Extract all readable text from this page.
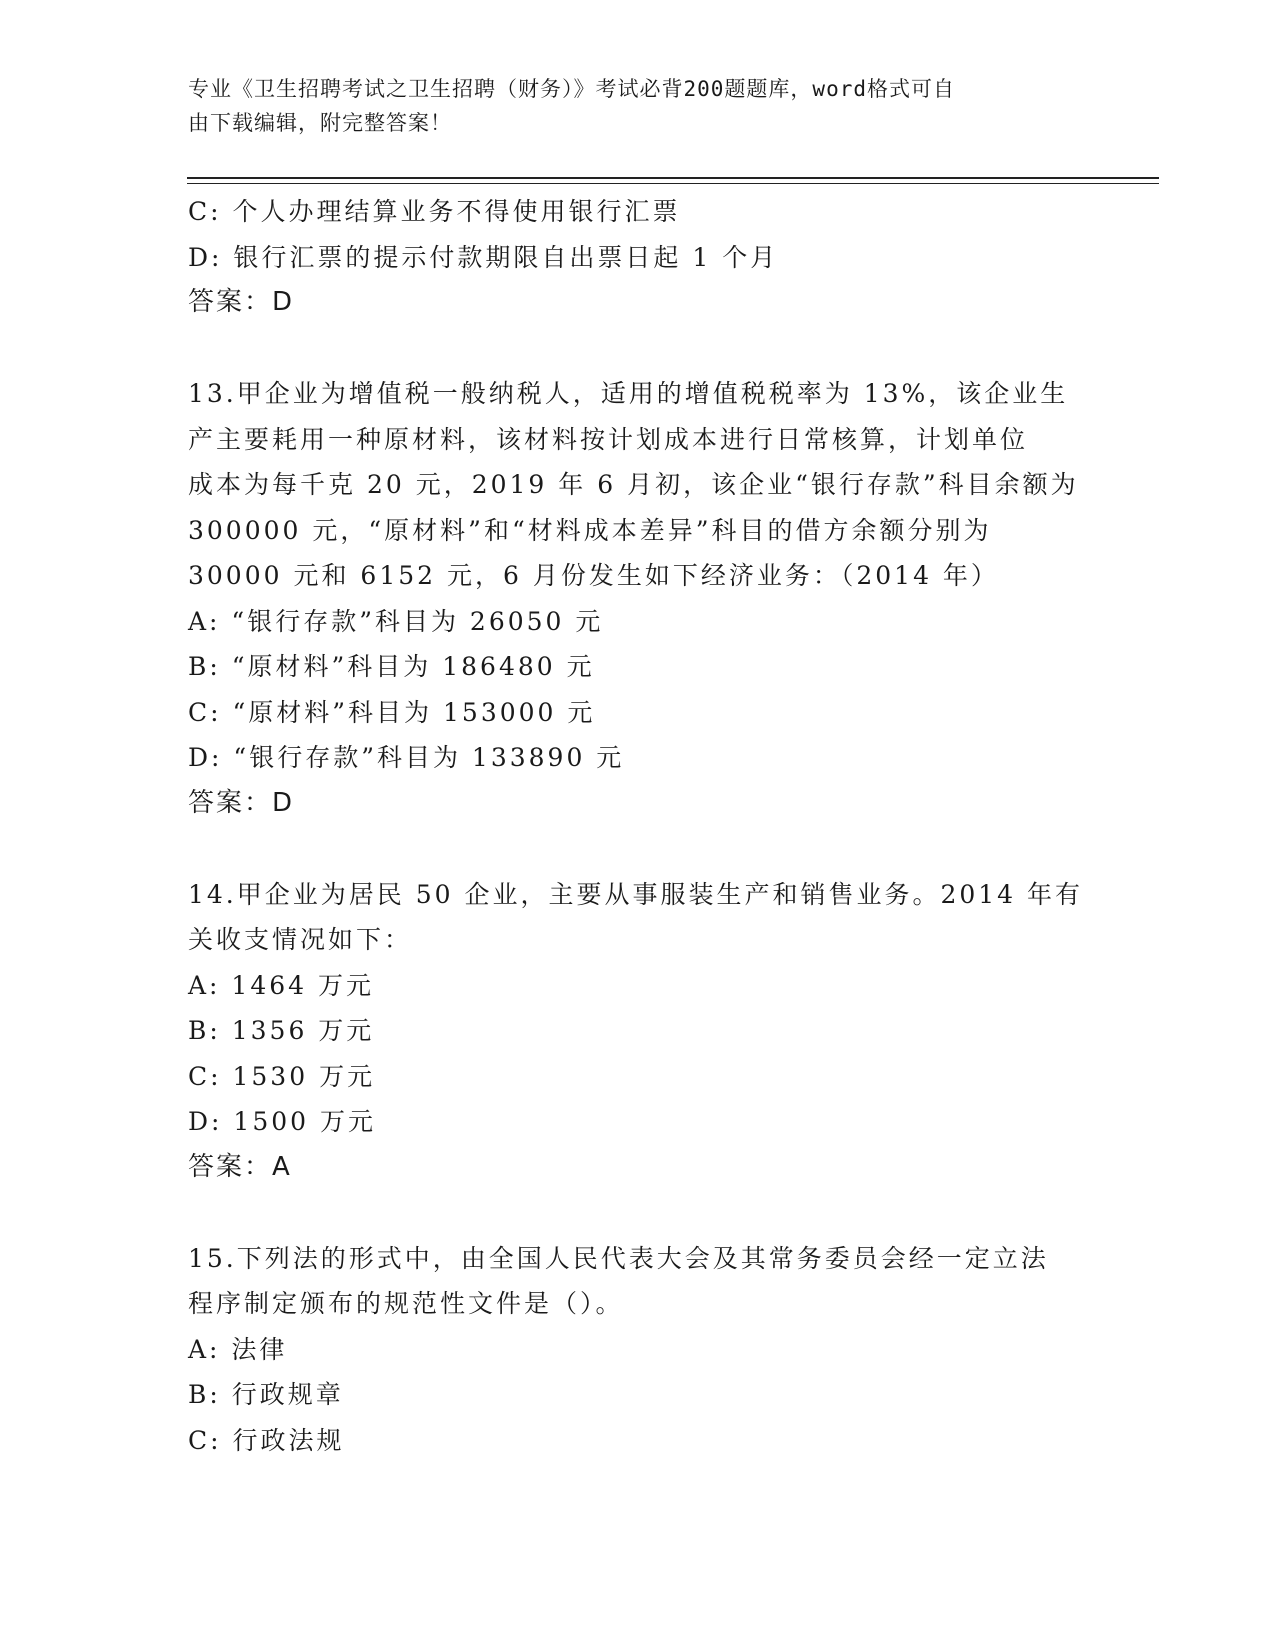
专业《卫生招聘考试之卫生招聘（财务）》考试必背200题题库，word格式可自
由下载编辑，附完整答案！
C: 个人办理结算业务不得使用银行汇票
D: 银行汇票的提示付款期限自出票日起 1 个月
答案：D
13.甲企业为增值税一般纳税人，适用的增值税税率为 13%，该企业生
产主要耗用一种原材料，该材料按计划成本进行日常核算，计划单位
成本为每千克 20 元，2019 年 6 月初，该企业“银行存款”科目余额为
300000 元，“原材料”和“材料成本差异”科目的借方余额分别为
30000 元和 6152 元，6 月份发生如下经济业务：（2014 年）
A: “银行存款”科目为 26050 元
B: “原材料”科目为 186480 元
C: “原材料”科目为 153000 元
D: “银行存款”科目为 133890 元
答案：D
14.甲企业为居民 50 企业，主要从事服装生产和销售业务。2014 年有
关收支情况如下：
A: 1464 万元
B: 1356 万元
C: 1530 万元
D: 1500 万元
答案：A
15.下列法的形式中，由全国人民代表大会及其常务委员会经一定立法
程序制定颁布的规范性文件是（）。
A: 法律
B: 行政规章
C: 行政法规
